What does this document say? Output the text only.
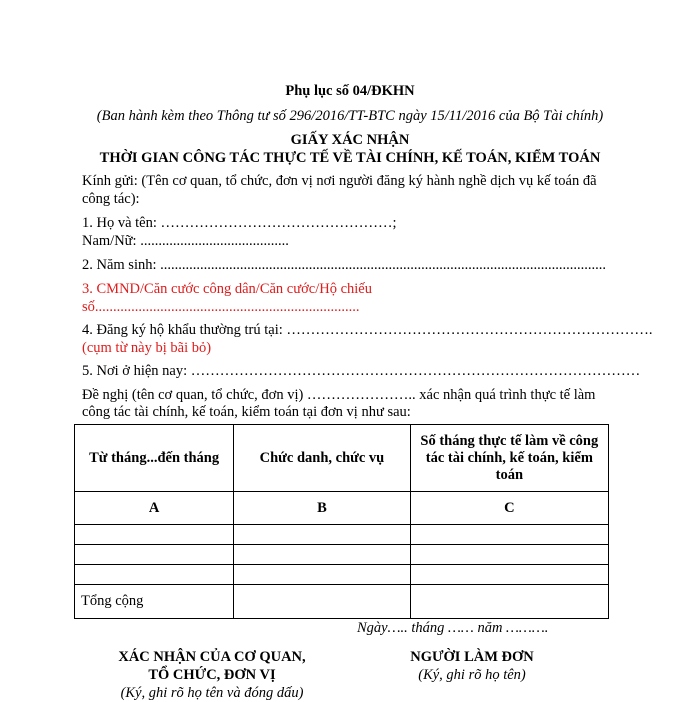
Phụ lục số 04/ĐKHN
(Ban hành kèm theo Thông tư số 296/2016/TT-BTC ngày 15/11/2016 của Bộ Tài chính)
GIẤY XÁC NHẬN
THỜI GIAN CÔNG TÁC THỰC TẾ VỀ TÀI CHÍNH, KẾ TOÁN, KIỂM TOÁN
Kính gửi: (Tên cơ quan, tổ chức, đơn vị nơi người đăng ký hành nghề dịch vụ kế toán đã
công tác):
1. Họ và tên: …………………………………………;
Nam/Nữ: .........................................
2. Năm sinh: ...........................................................................................................................
3. CMND/Căn cước công dân/Căn cước/Hộ chiếu
số.........................................................................
4. Đăng ký hộ khẩu thường trú tại: ………………………………………………………………….
(cụm từ này bị bãi bỏ)
5. Nơi ở hiện nay: …………………………………………………………………………………
Đề nghị (tên cơ quan, tổ chức, đơn vị) ………………….. xác nhận quá trình thực tế làm
công tác tài chính, kế toán, kiểm toán tại đơn vị như sau:
Từ tháng...đến tháng	Chức danh, chức vụ	Số tháng thực tế làm về công tác tài chính, kế toán, kiểm toán
A	B	C

Tổng cộng		
Ngày….. tháng …… năm ……….
XÁC NHẬN CỦA CƠ QUAN,
TỔ CHỨC, ĐƠN VỊ
(Ký, ghi rõ họ tên và đóng dấu)
NGƯỜI LÀM ĐƠN
(Ký, ghi rõ họ tên)
